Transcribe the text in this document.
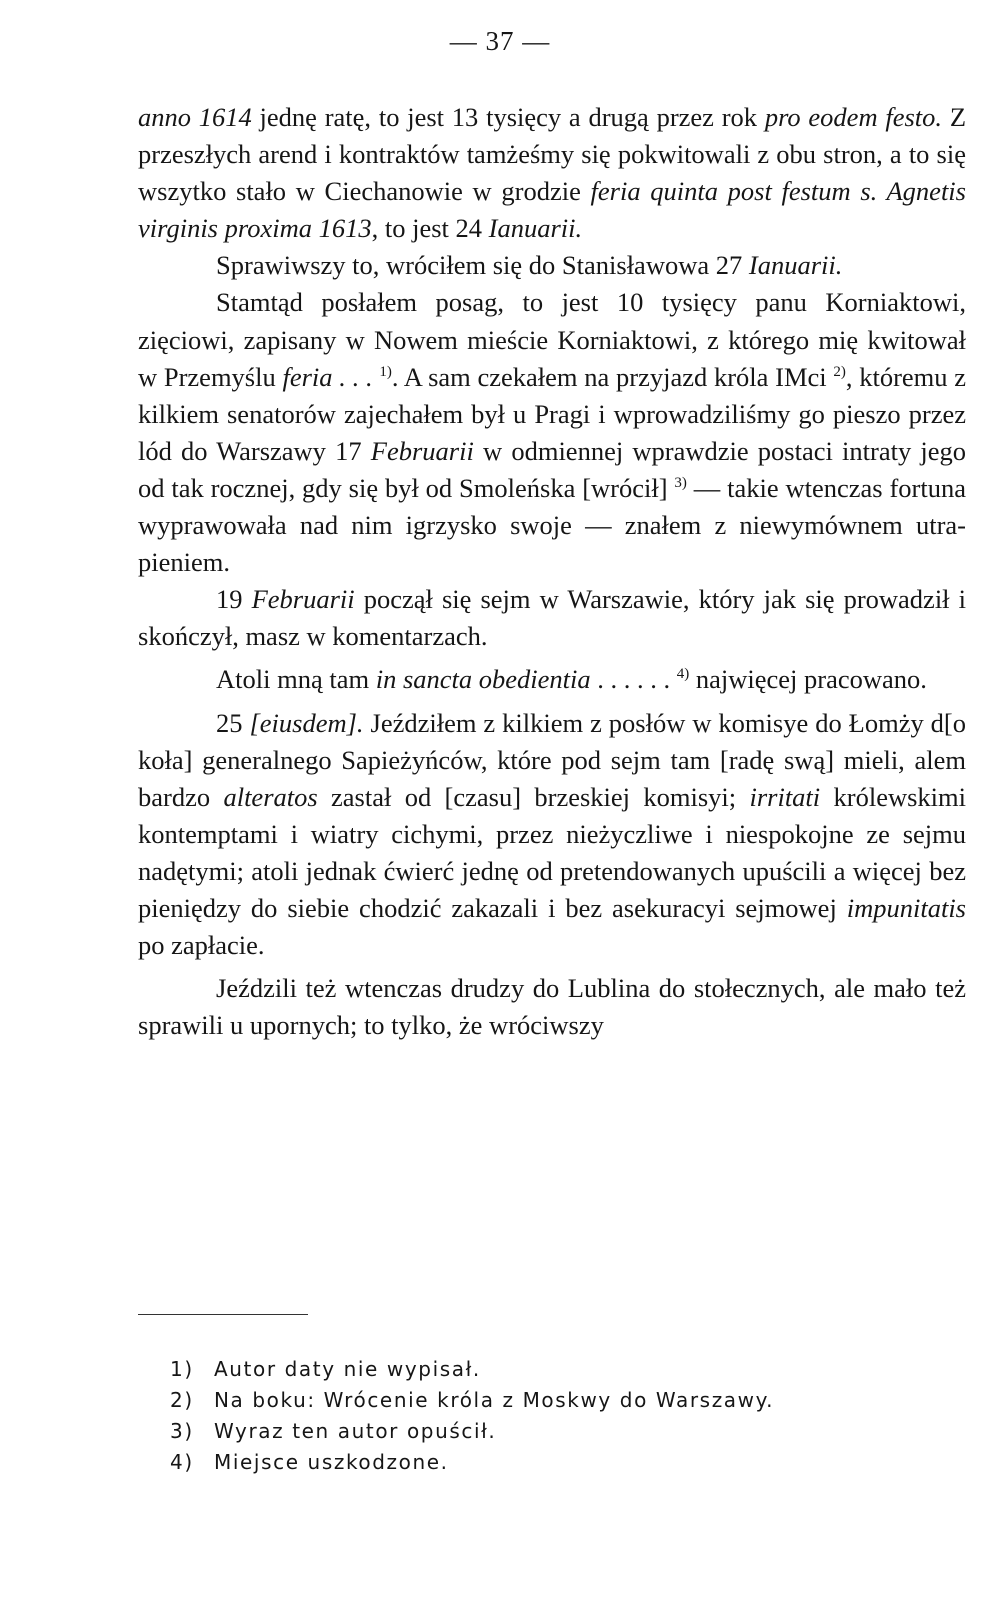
— 37 —

anno 1614 jednę ratę, to jest 13 tysięcy a drugą przez rok pro eodem festo. Z przeszłych arend i kontraktów tamżeśmy się pokwitowali z obu stron, a to się wszytko stało w Ciechanowie w grodzie feria quinta post festum s. Agnetis virginis proxima 1613, to jest 24 Ianuarii.

Sprawiwszy to, wróciłem się do Stanisławowa 27 Ianuarii.

Stamtąd posłałem posag, to jest 10 tysięcy panu Korniaktowi, zięciowi, zapisany w Nowem mieście Korniaktowi, z którego mię kwitował w Przemyślu feria . . . $^{1)}$. A sam czekałem na przyjazd króla IMci $^{2)}$, któremu z kilkiem senatorów zajechałem był u Pragi i wprowadziliśmy go pieszo przez lód do Warszawy 17 Februarii w odmiennej wprawdzie postaci intraty jego od tak rocznej, gdy się był od Smoleńska [wrócił] $^{3)}$ — takie wtenczas fortuna wyprawowała nad nim igrzysko swoje — znałem z niewymównem utrapieniem.

19 Februarii począł się sejm w Warszawie, który jak się prowadził i skończył, masz w komentarzach.

Atoli mną tam in sancta obedientia . . . . . . $^{4)}$ najwięcej pracowano.

25 [eiusdem]. Jeździłem z kilkiem z posłów w komisye do Łomży d[o koła] generalnego Sapieżyńców, które pod sejm tam [radę swą] mieli, alem bardzo alteratos zastał od [czasu] brzeskiej komisyi; irritati królewskimi kontemptami i wiatry cichymi, przez nieżyczliwe i niespokojne ze sejmu nadętymi; atoli jednak ćwierć jednę od pretendowanych upuścili a więcej bez pieniędzy do siebie chodzić zakazali i bez asekuracyi sejmowej impunitatis po zapłacie.

Jeździli też wtenczas drudzy do Lublina do stołecznych, ale mało też sprawili u upornych; to tylko, że wróciwszy

1)	Autor daty nie wypisał.
2)	Na boku: Wrócenie króla z Moskwy do Warszawy.
3)	Wyraz ten autor opuścił.
4)	Miejsce uszkodzone.
